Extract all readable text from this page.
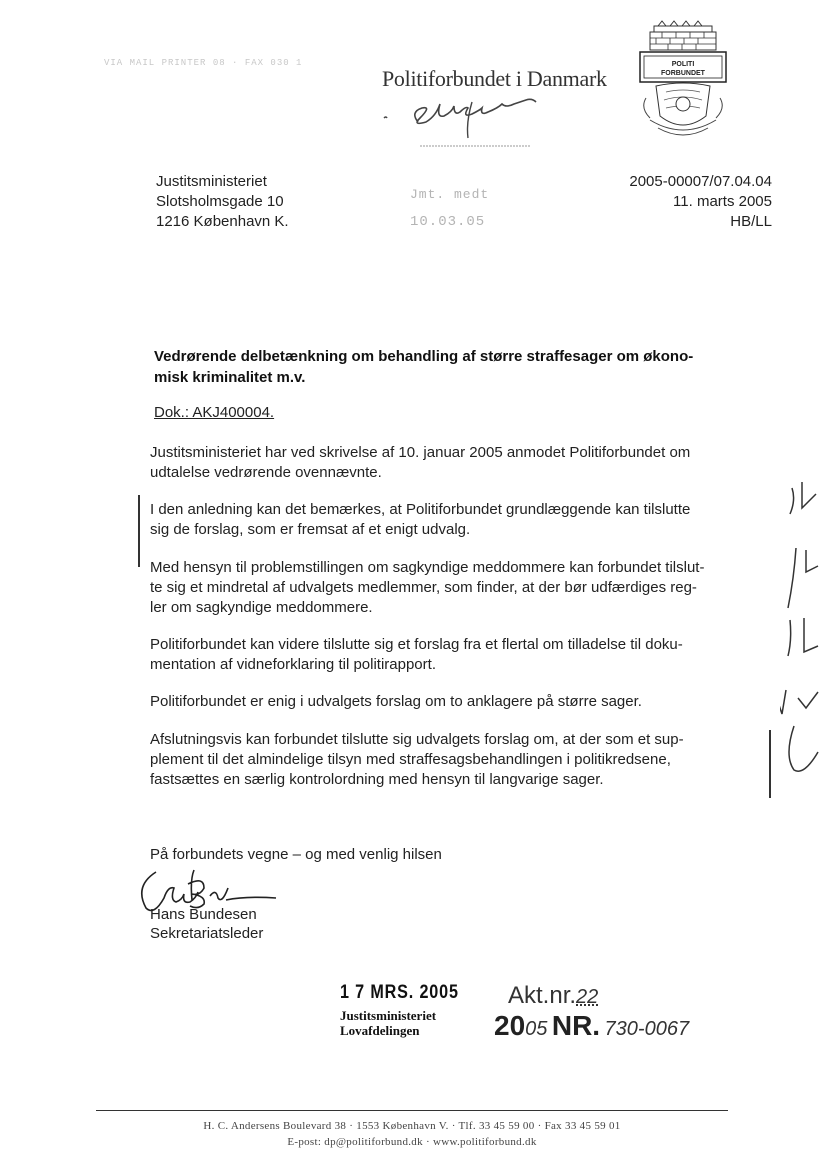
VIA MAIL PRINTER 08 · FAX 030 1
Politiforbundet i Danmark
POLITI
FORBUNDET
Justitsministeriet
Slotsholmsgade 10
1216 København K.
Jmt. medt
10.03.05
2005-00007/07.04.04
11. marts 2005
HB/LL
Vedrørende delbetænkning om behandling af større straffesager om økono-
misk kriminalitet m.v.
Dok.: AKJ400004.
Justitsministeriet har ved skrivelse af 10. januar 2005 anmodet Politiforbundet om
udtalelse vedrørende ovennævnte.
I den anledning kan det bemærkes, at Politiforbundet grundlæggende kan tilslutte
sig de forslag, som er fremsat af et enigt udvalg.
Med hensyn til problemstillingen om sagkyndige meddommere kan forbundet tilslut-
te sig et mindretal af udvalgets medlemmer, som finder, at der bør udfærdiges reg-
ler om sagkyndige meddommere.
Politiforbundet kan videre tilslutte sig et forslag fra et flertal om tilladelse til doku-
mentation af vidneforklaring til politirapport.
Politiforbundet er enig i udvalgets forslag om to anklagere på større sager.
Afslutningsvis kan forbundet tilslutte sig udvalgets forslag om, at der som et sup-
plement til det almindelige tilsyn med straffesagsbehandlingen i politikredsene,
fastsættes en særlig kontrolordning med hensyn til langvarige sager.
På forbundets vegne – og med venlig hilsen
Hans Bundesen Hans Bundesen
Sekretariatsleder
1 7 MRS. 2005
Justitsministeriet
Lovafdelingen
Akt.nr.22
2005 NR. 730-0067
H. C. Andersens Boulevard 38 · 1553 København V. · Tlf. 33 45 59 00 · Fax 33 45 59 01
E-post: dp@politiforbund.dk · www.politiforbund.dk
